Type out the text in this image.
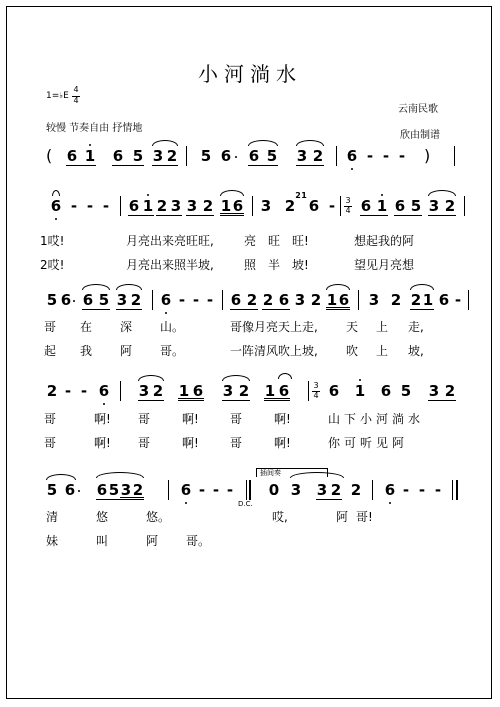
小河淌水
1=♭E
4
4
较慢 节奏自由 抒情地
云南民歌
欣由制谱
( 6 1 6 5 3 2 5 6 6 5 3 2 6 - - - )
6 - - - 6 1 2 3 3 2 1 6 3 2
2 1
6 -	3
4 6 1 6 5 3 2
1哎!	月亮出来亮旺旺,	亮 旺 旺!	想起我的阿
2哎!	月亮出来照半坡,	照 半 坡!	望见月亮想
5 6 6 5 3 2 6 - - - 6 2 2 6 3 2 1 6 3 2 2 1 6 -
哥 在 深 山。	哥像月亮天上走, 天 上 走,
起 我 阿 哥。	一阵清风吹上坡, 吹 上 坡,
2 - - 6 3 2 1 6 3 2 1 6	3
4 6 1 6 5 3 2
哥	啊! 哥	啊!	哥	啊!	山下小河淌水
哥	啊! 哥	啊!	哥	啊!	你可听见阿
5 6 6 5 3 2	6 - - -
D.C.
插间奏
0 3 3 2 2 6 - - -
清	悠	悠。	哎,	阿 哥!
妹	叫	阿 哥。
